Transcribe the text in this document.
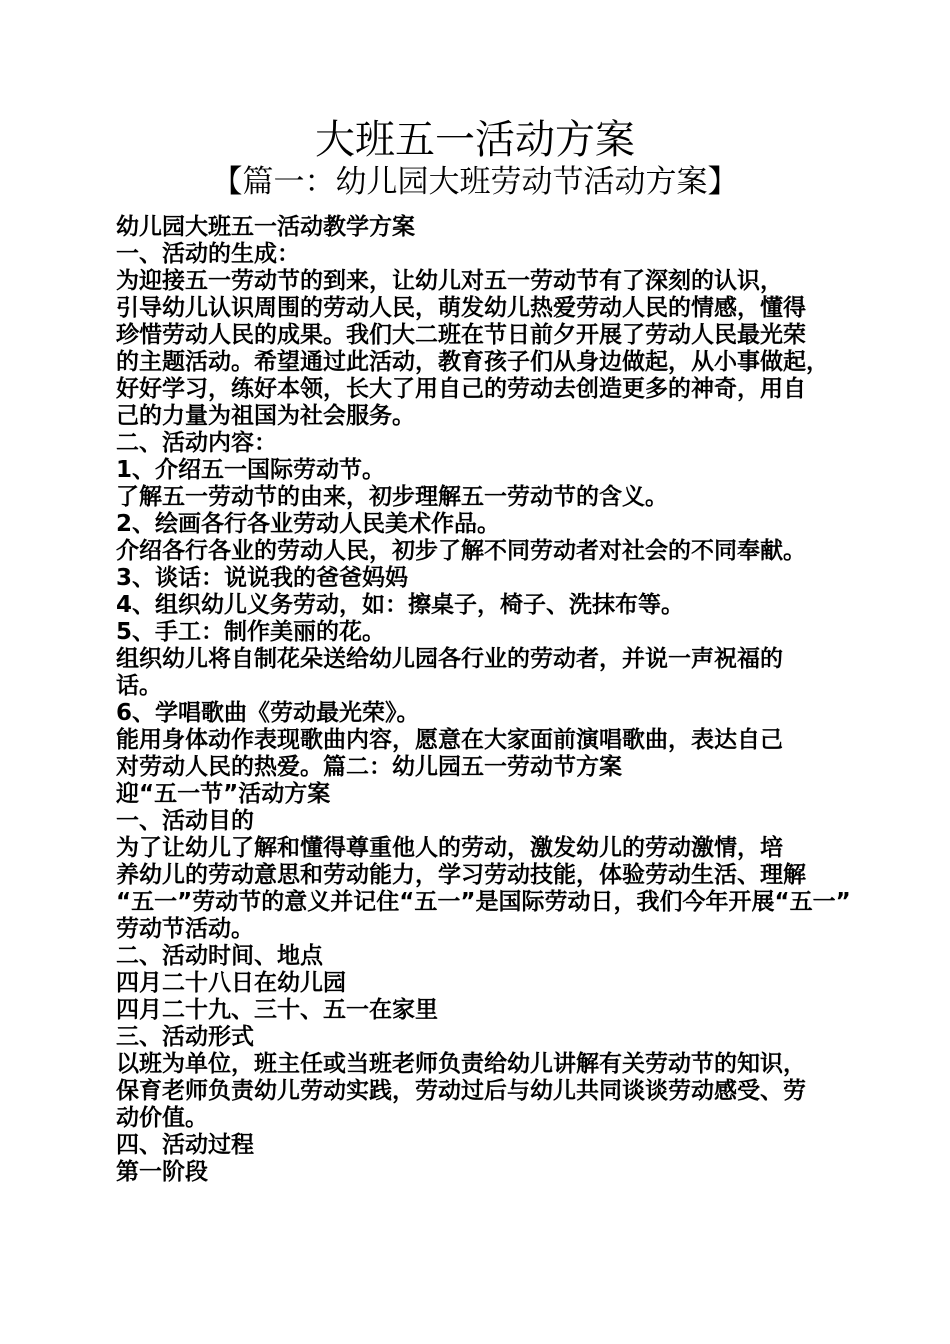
大班五一活动方案
【篇一：幼儿园大班劳动节活动方案】
幼儿园大班五一活动教学方案
一、活动的生成：
为迎接五一劳动节的到来，让幼儿对五一劳动节有了深刻的认识，
引导幼儿认识周围的劳动人民，萌发幼儿热爱劳动人民的情感，懂得
珍惜劳动人民的成果。我们大二班在节日前夕开展了劳动人民最光荣
的主题活动。希望通过此活动，教育孩子们从身边做起，从小事做起，
好好学习，练好本领，长大了用自己的劳动去创造更多的神奇，用自
己的力量为祖国为社会服务。
二、活动内容：
1、介绍五一国际劳动节。
了解五一劳动节的由来，初步理解五一劳动节的含义。
2、绘画各行各业劳动人民美术作品。
介绍各行各业的劳动人民，初步了解不同劳动者对社会的不同奉献。
3、谈话：说说我的爸爸妈妈
4、组织幼儿义务劳动，如：擦桌子，椅子、洗抹布等。
5、手工：制作美丽的花。
组织幼儿将自制花朵送给幼儿园各行业的劳动者，并说一声祝福的
话。
6、学唱歌曲《劳动最光荣》。
能用身体动作表现歌曲内容，愿意在大家面前演唱歌曲，表达自己
对劳动人民的热爱。篇二：幼儿园五一劳动节方案
迎“五一节”活动方案
一、活动目的
为了让幼儿了解和懂得尊重他人的劳动，激发幼儿的劳动激情，培
养幼儿的劳动意思和劳动能力，学习劳动技能，体验劳动生活、理解
“五一”劳动节的意义并记住“五一”是国际劳动日，我们今年开展“五一”
劳动节活动。
二、活动时间、地点
四月二十八日在幼儿园
四月二十九、三十、五一在家里
三、活动形式
以班为单位，班主任或当班老师负责给幼儿讲解有关劳动节的知识，
保育老师负责幼儿劳动实践，劳动过后与幼儿共同谈谈劳动感受、劳
动价值。
四、活动过程
第一阶段
